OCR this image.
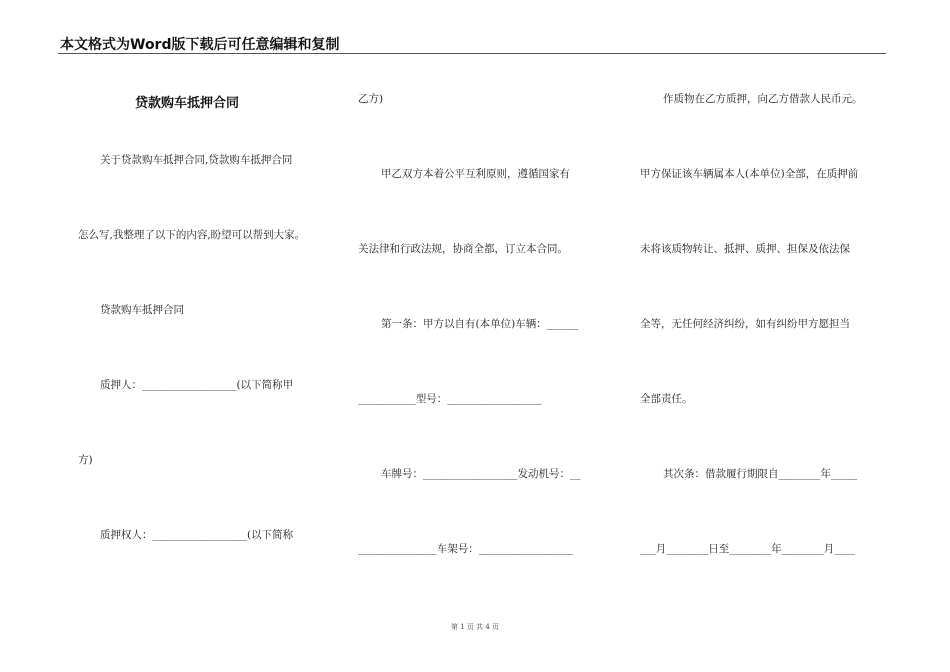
本文格式为Word版下载后可任意编辑和复制
贷款购车抵押合同
关于贷款购车抵押合同,贷款购车抵押合同
怎么写,我整理了以下的内容,盼望可以帮到大家。
贷款购车抵押合同
质押人：__________________(以下简称甲
方)
质押权人：__________________(以下简称
乙方)
甲乙双方本着公平互利原则，遵循国家有
关法律和行政法规，协商全都，订立本合同。
第一条：甲方以自有(本单位)车辆：______
___________型号：__________________
车牌号：__________________发动机号：__
_______________车架号：__________________
作质物在乙方质押，向乙方借款人民币元。
甲方保证该车辆属本人(本单位)全部，在质押前
未将该质物转让、抵押、质押、担保及依法保
全等，无任何经济纠纷，如有纠纷甲方愿担当
全部责任。
其次条：借款履行期限自________年_____
___月________日至________年________月____
第 1 页 共 4 页
